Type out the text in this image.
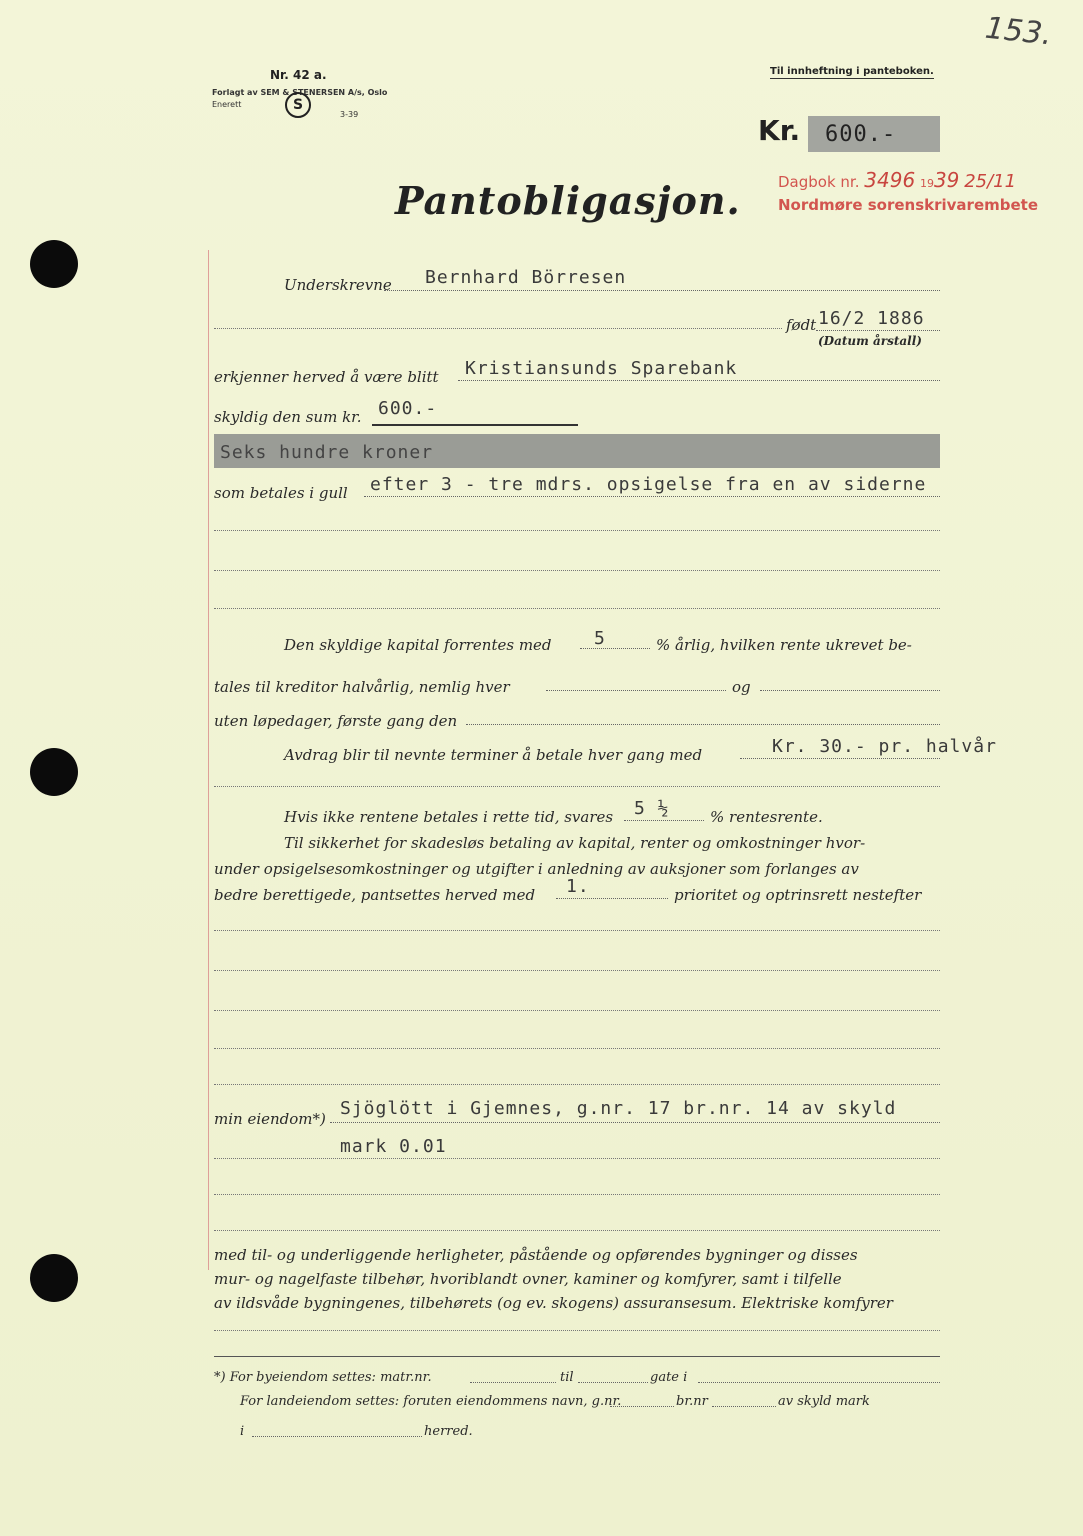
153.
Nr. 42 a.
Forlagt av SEM & STENERSEN A/s, Oslo
Enerett	S
3-39
Til innheftning i panteboken.
Kr. 600.-
Pantobligasjon. Dagbok nr. 3496 1939 25/11
Nordmøre sorenskrivarembete
Underskrevne Bernhard Börresen
født 16/2 1886
(Datum årstall)
erkjenner herved å være blitt Kristiansunds Sparebank
skyldig den sum kr. 600.-
Seks hundre kroner
som betales i gull efter 3 - tre mdrs. opsigelse fra en av siderne
Den skyldige kapital forrentes med 5	% årlig, hvilken rente ukrevet be-
tales til kreditor halvårlig, nemlig hver	og
uten løpedager, første gang den
Avdrag blir til nevnte terminer å betale hver gang med	Kr. 30.- pr. halvår
Hvis ikke rentene betales i rette tid, svares 5 ½	% rentesrente.
Til sikkerhet for skadesløs betaling av kapital, renter og omkostninger hvor-
under opsigelsesomkostninger og utgifter i anledning av auksjoner som forlanges av
bedre berettigede, pantsettes herved med 1.	prioritet og optrinsrett nestefter
min eiendom*) Sjöglött i Gjemnes, g.nr. 17 br.nr. 14 av skyld
mark 0.01
med til- og underliggende herligheter, påstående og opførendes bygninger og disses
mur- og nagelfaste tilbehør, hvoriblandt ovner, kaminer og komfyrer, samt i tilfelle
av ildsvåde bygningenes, tilbehørets (og ev. skogens) assuransesum. Elektriske komfyrer
*) For byeiendom settes: matr.nr.	til	gate i
For landeiendom settes: foruten eiendommens navn, g.nr.	br.nr	av skyld mark
i	herred.
